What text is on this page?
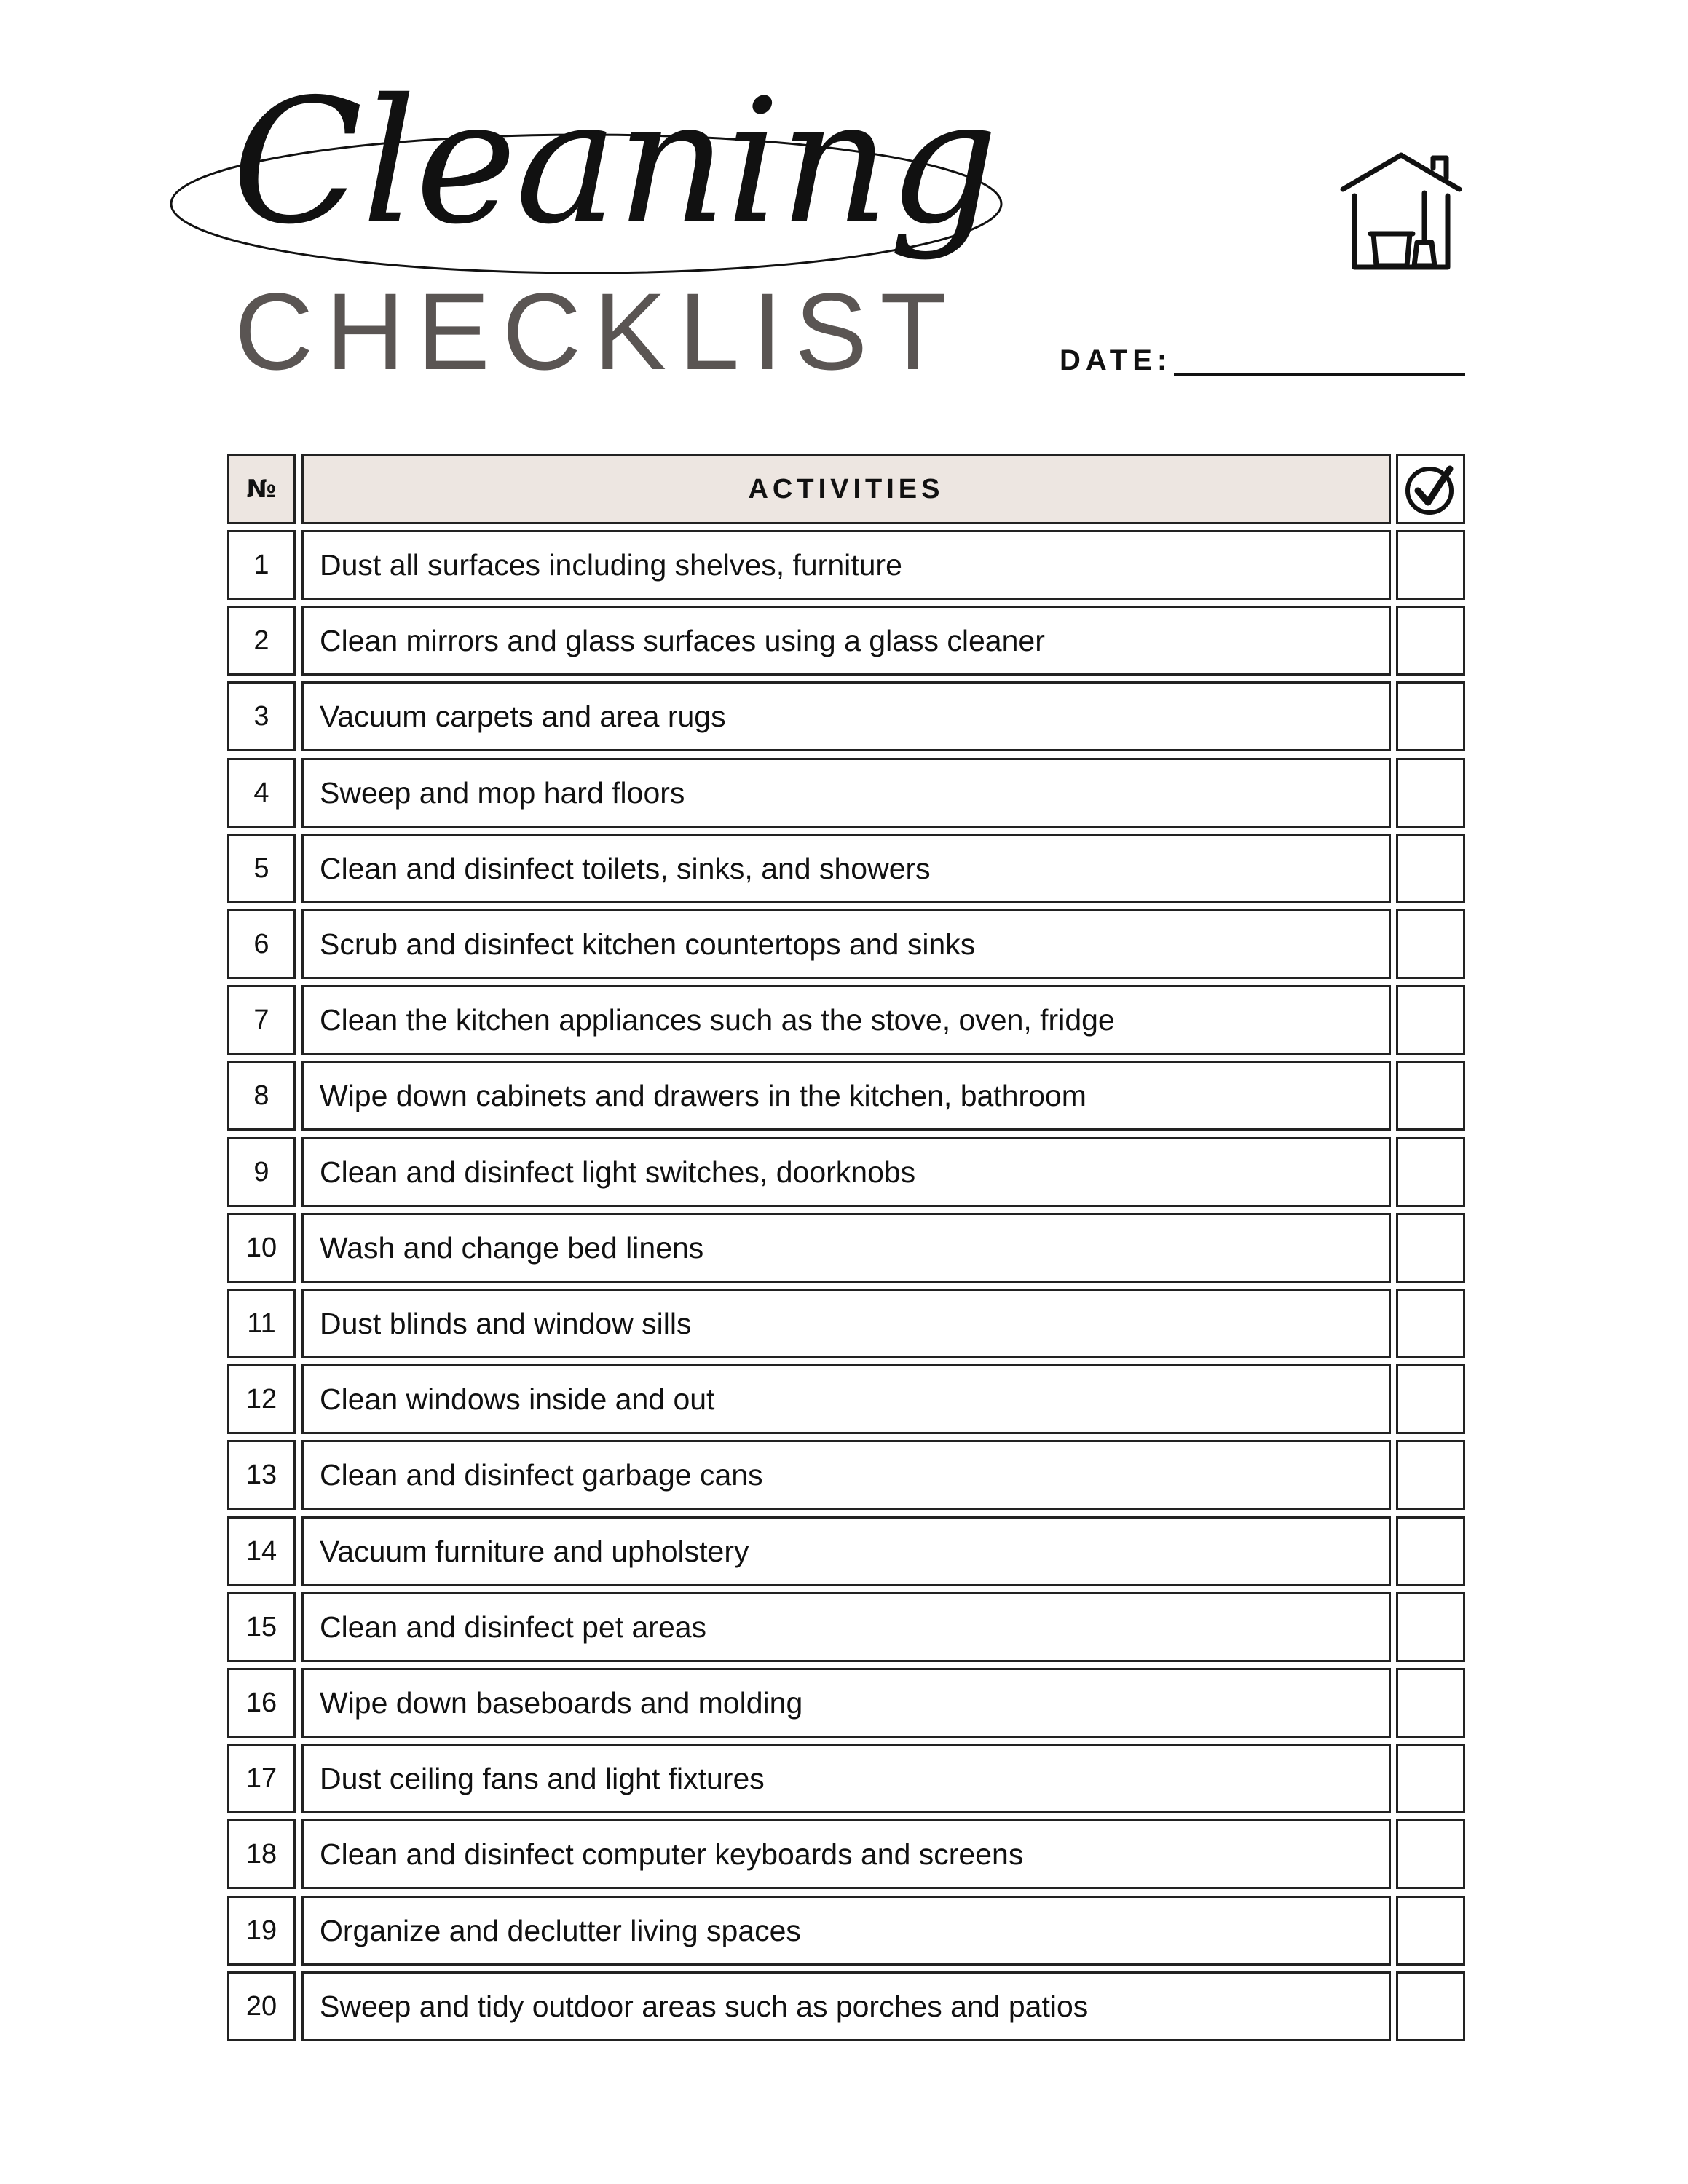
Cleaning
CHECKLIST	DATE:
№	ACTIVITIES
1	Dust all surfaces including shelves, furniture
2	Clean mirrors and glass surfaces using a glass cleaner
3	Vacuum carpets and area rugs
4	Sweep and mop hard floors
5	Clean and disinfect toilets, sinks, and showers
6	Scrub and disinfect kitchen countertops and sinks
7	Clean the kitchen appliances such as the stove, oven, fridge
8	Wipe down cabinets and drawers in the kitchen, bathroom
9	Clean and disinfect light switches, doorknobs
10	Wash and change bed linens
11	Dust blinds and window sills
12	Clean windows inside and out
13	Clean and disinfect garbage cans
14	Vacuum furniture and upholstery
15	Clean and disinfect pet areas
16	Wipe down baseboards and molding
17	Dust ceiling fans and light fixtures
18	Clean and disinfect computer keyboards and screens
19	Organize and declutter living spaces
20	Sweep and tidy outdoor areas such as porches and patios
